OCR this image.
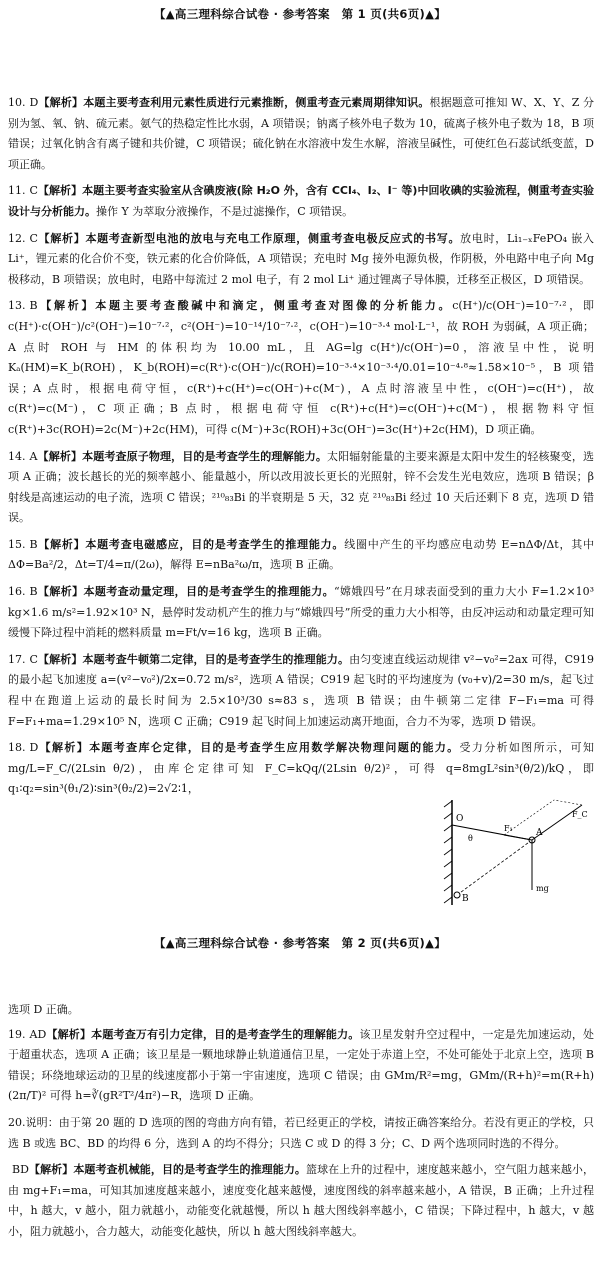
【▲高三理科综合试卷 · 参考答案　第 1 页(共6页)▲】
10. D【解析】本题主要考查利用元素性质进行元素推断，侧重考查元素周期律知识。根据题意可推知 W、X、Y、Z 分别为氢、氧、钠、硫元素。氨气的热稳定性比水弱，A 项错误；钠离子核外电子数为 10，硫离子核外电子数为 18，B 项错误；过氧化钠含有离子键和共价键，C 项错误；硫化钠在水溶液中发生水解，溶液呈碱性，可使红色石蕊试纸变蓝，D 项正确。
11. C【解析】本题主要考查实验室从含碘废液(除 H₂O 外，含有 CCl₄、I₂、I⁻ 等)中回收碘的实验流程，侧重考查实验设计与分析能力。操作 Y 为萃取分液操作，不是过滤操作，C 项错误。
12. C【解析】本题考查新型电池的放电与充电工作原理，侧重考查电极反应式的书写。放电时，Li₁₋ₓFePO₄ 嵌入 Li⁺，锂元素的化合价不变，铁元素的化合价降低，A 项错误；充电时 Mg 接外电源负极，作阴极，外电路中电子向 Mg 极移动，B 项错误；放电时，电路中每流过 2 mol 电子，有 2 mol Li⁺ 通过锂离子导体膜，迁移至正极区，D 项错误。
13. B【解析】本题主要考查酸碱中和滴定，侧重考查对图像的分析能力。c(H⁺)/c(OH⁻)=10⁻⁷·²，即 c(H⁺)·c(OH⁻)/c²(OH⁻)=10⁻⁷·²，c²(OH⁻)=10⁻¹⁴/10⁻⁷·²，c(OH⁻)=10⁻³·⁴ mol·L⁻¹，故 ROH 为弱碱，A 项正确；A 点时 ROH 与 HM 的体积均为 10.00 mL，且 AG=lg c(H⁺)/c(OH⁻)=0，溶液呈中性，说明 Kₐ(HM)=K_b(ROH)，K_b(ROH)=c(R⁺)·c(OH⁻)/c(ROH)=10⁻³·⁴×10⁻³·⁴/0.01=10⁻⁴·⁸≈1.58×10⁻⁵，B 项错误；A 点时，根据电荷守恒，c(R⁺)+c(H⁺)=c(OH⁻)+c(M⁻)，A 点时溶液呈中性，c(OH⁻)=c(H⁺)，故 c(R⁺)=c(M⁻)，C 项正确；B 点时，根据电荷守恒 c(R⁺)+c(H⁺)=c(OH⁻)+c(M⁻)，根据物料守恒 c(R⁺)+3c(ROH)=2c(M⁻)+2c(HM)，可得 c(M⁻)+3c(ROH)+3c(OH⁻)=3c(H⁺)+2c(HM)，D 项正确。
14. A【解析】本题考查原子物理，目的是考查学生的理解能力。太阳辐射能量的主要来源是太阳中发生的轻核聚变，选项 A 正确；波长越长的光的频率越小、能量越小，所以改用波长更长的光照射，锌不会发生光电效应，选项 B 错误；β 射线是高速运动的电子流，选项 C 错误；²¹⁰₈₃Bi 的半衰期是 5 天，32 克 ²¹⁰₈₃Bi 经过 10 天后还剩下 8 克，选项 D 错误。
15. B【解析】本题考查电磁感应，目的是考查学生的推理能力。线圈中产生的平均感应电动势 E=nΔΦ/Δt，其中 ΔΦ=Ba²/2，Δt=T/4=π/(2ω)，解得 E=nBa²ω/π，选项 B 正确。
16. B【解析】本题考查动量定理，目的是考查学生的推理能力。“嫦娥四号”在月球表面受到的重力大小 F=1.2×10³ kg×1.6 m/s²=1.92×10³ N，悬停时发动机产生的推力与“嫦娥四号”所受的重力大小相等，由反冲运动和动量定理可知缓慢下降过程中消耗的燃料质量 m=Ft/v=16 kg，选项 B 正确。
17. C【解析】本题考查牛顿第二定律，目的是考查学生的推理能力。由匀变速直线运动规律 v²−v₀²=2ax 可得，C919 的最小起飞加速度 a=(v²−v₀²)/2x=0.72 m/s²，选项 A 错误；C919 起飞时的平均速度为 (v₀+v)/2=30 m/s，起飞过程中在跑道上运动的最长时间为 2.5×10³/30 s≈83 s，选项 B 错误；由牛顿第二定律 F−F₁=ma 可得 F=F₁+ma=1.29×10⁵ N，选项 C 正确；C919 起飞时间上加速运动离开地面，合力不为零，选项 D 错误。
18. D【解析】本题考查库仑定律，目的是考查学生应用数学解决物理问题的能力。受力分析如图所示，可知 mg/L=F_C/(2Lsin θ/2)，由库仑定律可知 F_C=kQq/(2Lsin θ/2)²，可得 q=8mgL²sin³(θ/2)/kQ，即 q₁∶q₂=sin³(θ₁/2)∶sin³(θ₂/2)=2√2∶1，
O
F₁	A
θ
B
F_C
mg
【▲高三理科综合试卷 · 参考答案　第 2 页(共6页)▲】
选项 D 正确。
19. AD【解析】本题考查万有引力定律，目的是考查学生的理解能力。该卫星发射升空过程中，一定是先加速运动，处于超重状态，选项 A 正确；该卫星是一颗地球静止轨道通信卫星，一定处于赤道上空，不处可能处于北京上空，选项 B 错误；环绕地球运动的卫星的线速度都小于第一宇宙速度，选项 C 错误；由 GMm/R²=mg，GMm/(R+h)²=m(R+h)(2π/T)² 可得 h=∛(gR²T²/4π²)−R，选项 D 正确。
20.说明：由于第 20 题的 D 选项的图的弯曲方向有错，若已经更正的学校，请按正确答案给分。若没有更正的学校，只选 B 或选 BC、BD 的均得 6 分，选到 A 的均不得分；只选 C 或 D 的得 3 分；C、D 两个选项同时选的不得分。
BD【解析】本题考查机械能，目的是考查学生的推理能力。篮球在上升的过程中，速度越来越小，空气阻力越来越小，由 mg+F₁=ma，可知其加速度越来越小，速度变化越来越慢，速度图线的斜率越来越小，A 错误，B 正确；上升过程中，h 越大，v 越小，阻力就越小，动能变化就越慢，所以 h 越大图线斜率越小，C 错误；下降过程中，h 越大，v 越小，阻力就越小，合力越大，动能变化越快，所以 h 越大图线斜率越大。
